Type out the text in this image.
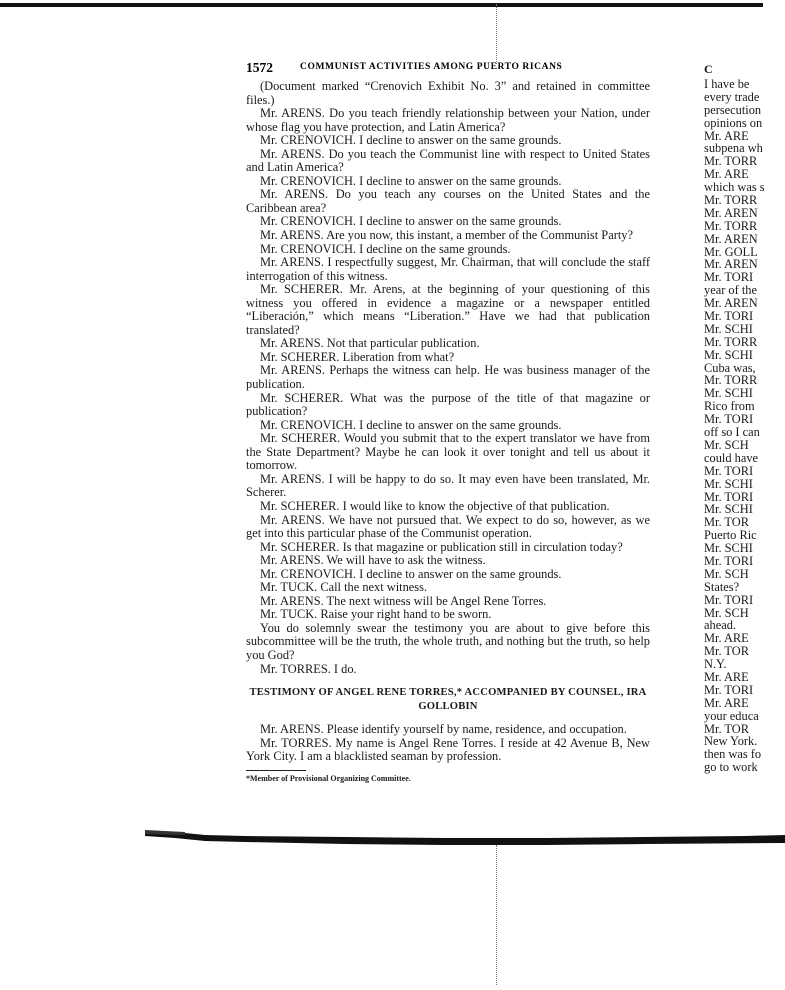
1572	COMMUNIST ACTIVITIES AMONG PUERTO RICANS

(Document marked “Crenovich Exhibit No. 3” and retained in committee files.)

Mr. ARENS. Do you teach friendly relationship between your Nation, under whose flag you have protection, and Latin America?

Mr. CRENOVICH. I decline to answer on the same grounds.

Mr. ARENS. Do you teach the Communist line with respect to United States and Latin America?

Mr. CRENOVICH. I decline to answer on the same grounds.

Mr. ARENS. Do you teach any courses on the United States and the Caribbean area?

Mr. CRENOVICH. I decline to answer on the same grounds.

Mr. ARENS. Are you now, this instant, a member of the Communist Party?

Mr. CRENOVICH. I decline on the same grounds.

Mr. ARENS. I respectfully suggest, Mr. Chairman, that will conclude the staff interrogation of this witness.

Mr. SCHERER. Mr. Arens, at the beginning of your questioning of this witness you offered in evidence a magazine or a newspaper entitled “Liberación,” which means “Liberation.” Have we had that publication translated?

Mr. ARENS. Not that particular publication.

Mr. SCHERER. Liberation from what?

Mr. ARENS. Perhaps the witness can help. He was business manager of the publication.

Mr. SCHERER. What was the purpose of the title of that magazine or publication?

Mr. CRENOVICH. I decline to answer on the same grounds.

Mr. SCHERER. Would you submit that to the expert translator we have from the State Department? Maybe he can look it over tonight and tell us about it tomorrow.

Mr. ARENS. I will be happy to do so. It may even have been translated, Mr. Scherer.

Mr. SCHERER. I would like to know the objective of that publication.

Mr. ARENS. We have not pursued that. We expect to do so, however, as we get into this particular phase of the Communist operation.

Mr. SCHERER. Is that magazine or publication still in circulation today?

Mr. ARENS. We will have to ask the witness.

Mr. CRENOVICH. I decline to answer on the same grounds.

Mr. TUCK. Call the next witness.

Mr. ARENS. The next witness will be Angel Rene Torres.

Mr. TUCK. Raise your right hand to be sworn.

You do solemnly swear the testimony you are about to give before this subcommittee will be the truth, the whole truth, and nothing but the truth, so help you God?

Mr. TORRES. I do.

TESTIMONY OF ANGEL RENE TORRES,* ACCOMPANIED BY COUNSEL, IRA GOLLOBIN

Mr. ARENS. Please identify yourself by name, residence, and occupation.

Mr. TORRES. My name is Angel Rene Torres. I reside at 42 Avenue B, New York City. I am a blacklisted seaman by profession.

*Member of Provisional Organizing Committee.
C
I have be
every trade
persecution
opinions on
Mr. ARE
subpena wh
Mr. TORR
Mr. ARE
which was s
Mr. TORR
Mr. AREN
Mr. TORR
Mr. AREN
Mr. GOLL
Mr. AREN
Mr. TORI
year of the
Mr. AREN
Mr. TORI
Mr. SCHI
Mr. TORR
Mr. SCHI
Cuba was,
Mr. TORR
Mr. SCHI
Rico from
Mr. TORI
off so I can
Mr. SCH
could have
Mr. TORI
Mr. SCHI
Mr. TORI
Mr. SCHI
Mr. TOR
Puerto Ric
Mr. SCHI
Mr. TORI
Mr. SCH
States?
Mr. TORI
Mr. SCH
ahead.
Mr. ARE
Mr. TOR
N.Y.
Mr. ARE
Mr. TORI
Mr. ARE
your educa
Mr. TOR
New York.
then was fo
go to work
